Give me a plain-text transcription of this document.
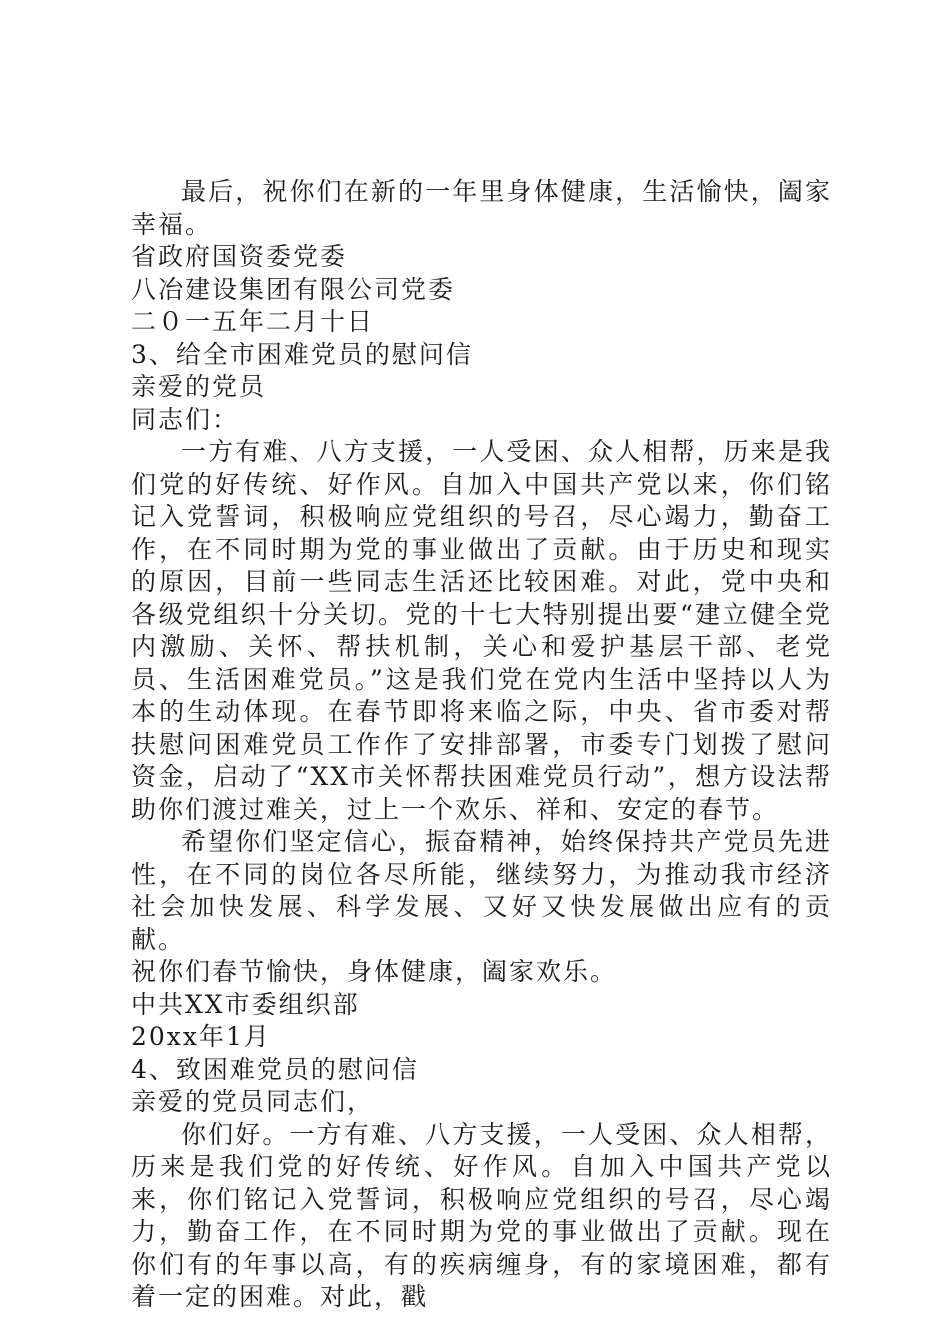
最后，祝你们在新的一年里身体健康，生活愉快，阖家幸福。

省政府国资委党委

八冶建设集团有限公司党委

二０一五年二月十日

3、给全市困难党员的慰问信

亲爱的党员

同志们：

一方有难、八方支援，一人受困、众人相帮，历来是我们党的好传统、好作风。自加入中国共产党以来，你们铭记入党誓词，积极响应党组织的号召，尽心竭力，勤奋工作，在不同时期为党的事业做出了贡献。由于历史和现实的原因，目前一些同志生活还比较困难。对此，党中央和各级党组织十分关切。党的十七大特别提出要“建立健全党内激励、关怀、帮扶机制，关心和爱护基层干部、老党员、生活困难党员。”这是我们党在党内生活中坚持以人为本的生动体现。在春节即将来临之际，中央、省市委对帮扶慰问困难党员工作作了安排部署，市委专门划拨了慰问资金，启动了“XX市关怀帮扶困难党员行动”，想方设法帮助你们渡过难关，过上一个欢乐、祥和、安定的春节。

希望你们坚定信心，振奋精神，始终保持共产党员先进性，在不同的岗位各尽所能，继续努力，为推动我市经济社会加快发展、科学发展、又好又快发展做出应有的贡献。

祝你们春节愉快，身体健康，阖家欢乐。

中共XX市委组织部

20xx年1月

4、致困难党员的慰问信

亲爱的党员同志们，

你们好。一方有难、八方支援，一人受困、众人相帮，历来是我们党的好传统、好作风。自加入中国共产党以来，你们铭记入党誓词，积极响应党组织的号召，尽心竭力，勤奋工作，在不同时期为党的事业做出了贡献。现在你们有的年事以高，有的疾病缠身，有的家境困难，都有着一定的困难。对此，戳
